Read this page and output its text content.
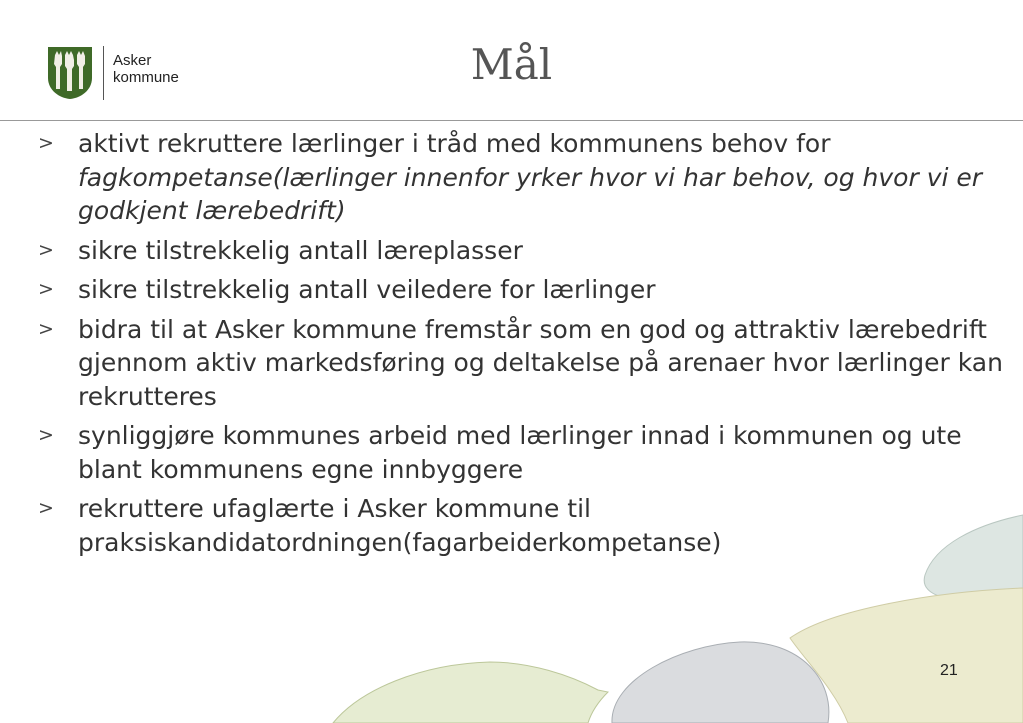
Asker
kommune	Mål
> aktivt rekruttere lærlinger i tråd med kommunens behov for fagkompetanse(lærlinger innenfor yrker hvor vi har behov, og hvor vi er godkjent lærebedrift)
> sikre tilstrekkelig antall læreplasser
> sikre tilstrekkelig antall veiledere for lærlinger
> bidra til at Asker kommune fremstår som en god og attraktiv lærebedrift gjennom aktiv markedsføring og deltakelse på arenaer hvor lærlinger kan rekrutteres
> synliggjøre kommunes arbeid med lærlinger innad i kommunen og ute blant kommunens egne innbyggere
> rekruttere ufaglærte i Asker kommune til praksiskandidatordningen(fagarbeiderkompetanse)
21
